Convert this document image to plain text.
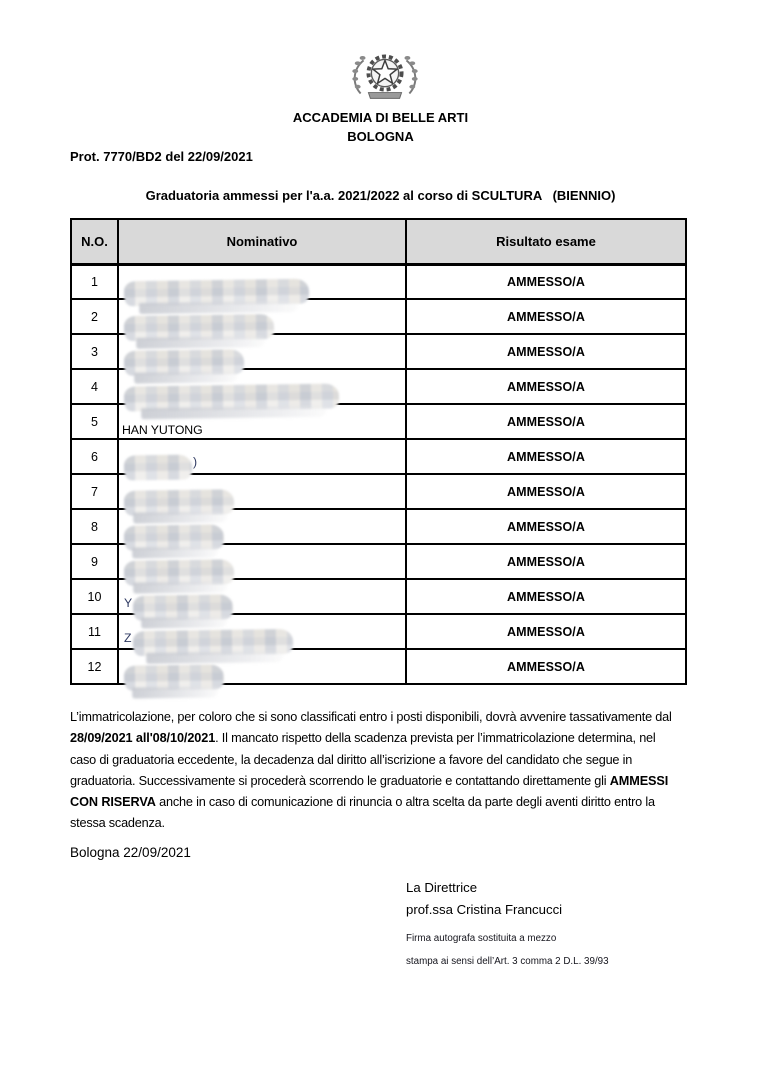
ACCADEMIA DI BELLE ARTI
BOLOGNA
Prot. 7770/BD2 del 22/09/2021
Graduatoria ammessi per l'a.a. 2021/2022 al corso di SCULTURA   (BIENNIO)
N.O.	Nominativo	Risultato esame
1		AMMESSO/A
2		AMMESSO/A
3		AMMESSO/A
4		AMMESSO/A
5	HAN YUTONG	AMMESSO/A
6	)	AMMESSO/A
7		AMMESSO/A
8		AMMESSO/A
9		AMMESSO/A
10	Y	AMMESSO/A
11	Z	AMMESSO/A
12		AMMESSO/A

L’immatricolazione, per coloro che si sono classificati entro i posti disponibili, dovrà avvenire tassativamente dal 28/09/2021 all'08/10/2021. Il mancato rispetto della scadenza prevista per l’immatricolazione determina, nel caso di graduatoria eccedente, la decadenza dal diritto all’iscrizione a favore del candidato che segue in graduatoria. Successivamente si procederà scorrendo le graduatorie e contattando direttamente gli AMMESSI CON RISERVA anche in caso di comunicazione di rinuncia o altra scelta da parte degli aventi diritto entro la stessa scadenza.

Bologna 22/09/2021
La Direttrice
prof.ssa Cristina Francucci
Firma autografa sostituita a mezzo
stampa ai sensi dell’Art. 3 comma 2 D.L. 39/93
